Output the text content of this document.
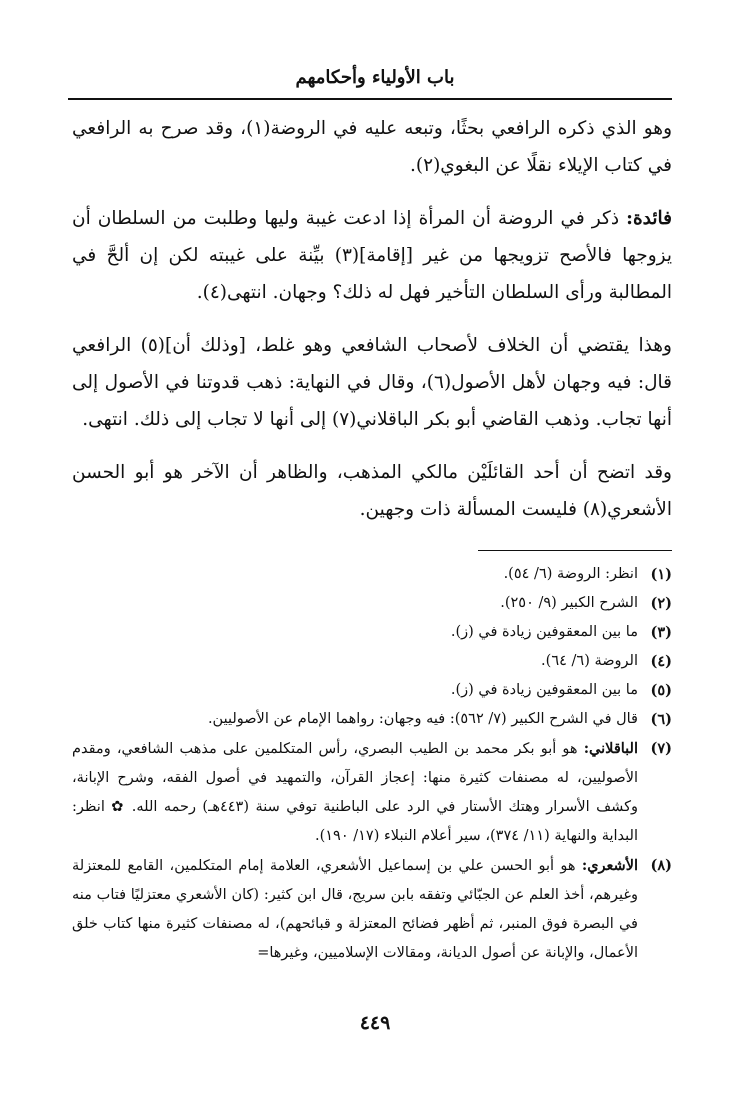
باب الأولياء وأحكامهم

وهو الذي ذكره الرافعي بحثًا، وتبعه عليه في الروضة(١)، وقد صرح به الرافعي في كتاب الإيلاء نقلًا عن البغوي(٢).

فائدة: ذكر في الروضة أن المرأة إذا ادعت غيبة وليها وطلبت من السلطان أن يزوجها فالأصح تزويجها من غير [إقامة](٣) بيِّنة على غيبته لكن إن ألحَّ في المطالبة ورأى السلطان التأخير فهل له ذلك؟ وجهان. انتهى(٤).

وهذا يقتضي أن الخلاف لأصحاب الشافعي وهو غلط، [وذلك أن](٥) الرافعي قال: فيه وجهان لأهل الأصول(٦)، وقال في النهاية: ذهب قدوتنا في الأصول إلى أنها تجاب. وذهب القاضي أبو بكر الباقلاني(٧) إلى أنها لا تجاب إلى ذلك. انتهى.

وقد اتضح أن أحد القائلَيْن مالكي المذهب، والظاهر أن الآخر هو أبو الحسن الأشعري(٨) فليست المسألة ذات وجهين.

(١)
انظر: الروضة (٦/ ٥٤).
(٢)
الشرح الكبير (٩/ ٢٥٠).
(٣)
ما بين المعقوفين زيادة في (ز).
(٤)
الروضة (٦/ ٦٤).
(٥)
ما بين المعقوفين زيادة في (ز).
(٦)
قال في الشرح الكبير (٧/ ٥٦٢): فيه وجهان: رواهما الإمام عن الأصوليين.
(٧)
الباقلاني: هو أبو بكر محمد بن الطيب البصري، رأس المتكلمين على مذهب الشافعي، ومقدم الأصوليين، له مصنفات كثيرة منها: إعجاز القرآن، والتمهيد في أصول الفقه، وشرح الإبانة، وكشف الأسرار وهتك الأستار في الرد على الباطنية توفي سنة (٤٤٣هـ) رحمه الله. ✿ انظر: البداية والنهاية (١١/ ٣٧٤)، سير أعلام النبلاء (١٧/ ١٩٠).
(٨)
الأشعري: هو أبو الحسن علي بن إسماعيل الأشعري، العلامة إمام المتكلمين، القامع للمعتزلة وغيرهم، أخذ العلم عن الجبّائي وتفقه بابن سريج، قال ابن كثير: (كان الأشعري معتزليًا فتاب منه في البصرة فوق المنبر، ثم أظهر فضائح المعتزلة و قبائحهم)، له مصنفات كثيرة منها كتاب خلق الأعمال، والإبانة عن أصول الديانة، ومقالات الإسلاميين، وغيرها=
٤٤٩
